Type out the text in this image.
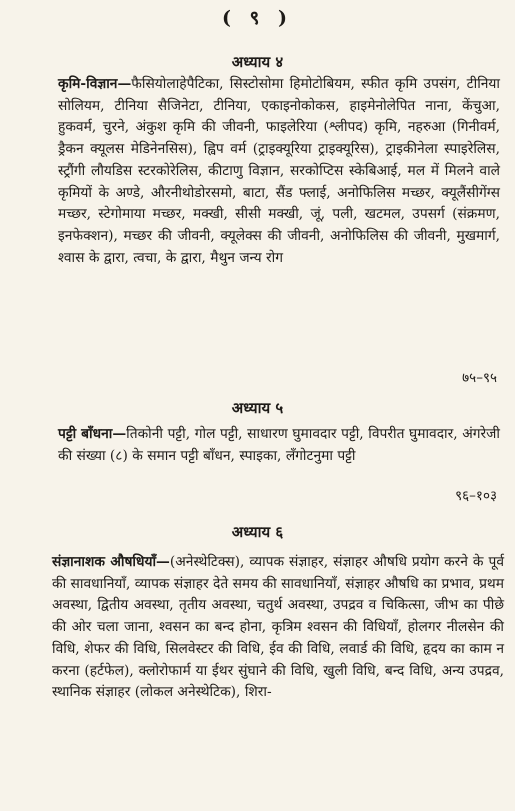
( ९ )
अध्याय ४
कृमि-विज्ञान—फैसियोलाहेपैटिका, सिस्टोसोमा हिमोटोबियम, स्फीत कृमि उपसंग, टीनिया सोलियम, टीनिया सैजिनेटा, टीनिया, एकाइनोकोकस, हाइमेनोलेपित नाना, केंचुआ, हुकवर्म, चुरने, अंकुश कृमि की जीवनी, फाइलेरिया (श्लीपद) कृमि, नहरुआ (गिनीवर्म, ड्रैकन क्यूलस मेडिनेनसिस), ह्विप वर्म (ट्राइक्यूरिया ट्राइक्यूरिस), ट्राइकीनेला स्पाइरेलिस, स्ट्रौंगी लौयडिस स्टरकोरेलिस, कीटाणु विज्ञान, सरकोप्टिस स्केबिआई, मल में मिलने वाले कृमियों के अण्डे, औरनीथोडोरसमो, बाटा, सैंड फ्लाई, अनोफिलिस मच्छर, क्यूलैंसीगेंग्स मच्छर, स्टेगोमाया मच्छर, मक्खी, सीसी मक्खी, जूं, पली, खटमल, उपसर्ग (संक्रमण, इनफेक्शन), मच्छर की जीवनी, क्यूलेक्स की जीवनी, अनोफिलिस की जीवनी, मुखमार्ग, श्वास के द्वारा, त्वचा, के द्वारा, मैथुन जन्य रोग
७५–९५
अध्याय ५
पट्टी बाँधना—तिकोनी पट्टी, गोल पट्टी, साधारण घुमावदार पट्टी, विपरीत घुमावदार, अंगरेजी की संख्या (८) के समान पट्टी बाँधन, स्पाइका, लँगोटनुमा पट्टी
९६–१०३
अध्याय ६
संज्ञानाशक औषधियाँ—(अनेस्थेटिक्स), व्यापक संज्ञाहर, संज्ञाहर औषधि प्रयोग करने के पूर्व की सावधानियाँ, व्यापक संज्ञाहर देते समय की सावधानियाँ, संज्ञाहर औषधि का प्रभाव, प्रथम अवस्था, द्वितीय अवस्था, तृतीय अवस्था, चतुर्थ अवस्था, उपद्रव व चिकित्सा, जीभ का पीछे की ओर चला जाना, श्वसन का बन्द होना, कृत्रिम श्वसन की विधियाँ, होलगर नीलसेन की विधि, शेफर की विधि, सिलवेस्टर की विधि, ईव की विधि, लवार्ड की विधि, हृदय का काम न करना (हर्टफेल), क्लोरोफार्म या ईथर सुंघाने की विधि, खुली विधि, बन्द विधि, अन्य उपद्रव, स्थानिक संज्ञाहर (लोकल अनेस्थेटिक), शिरा-
